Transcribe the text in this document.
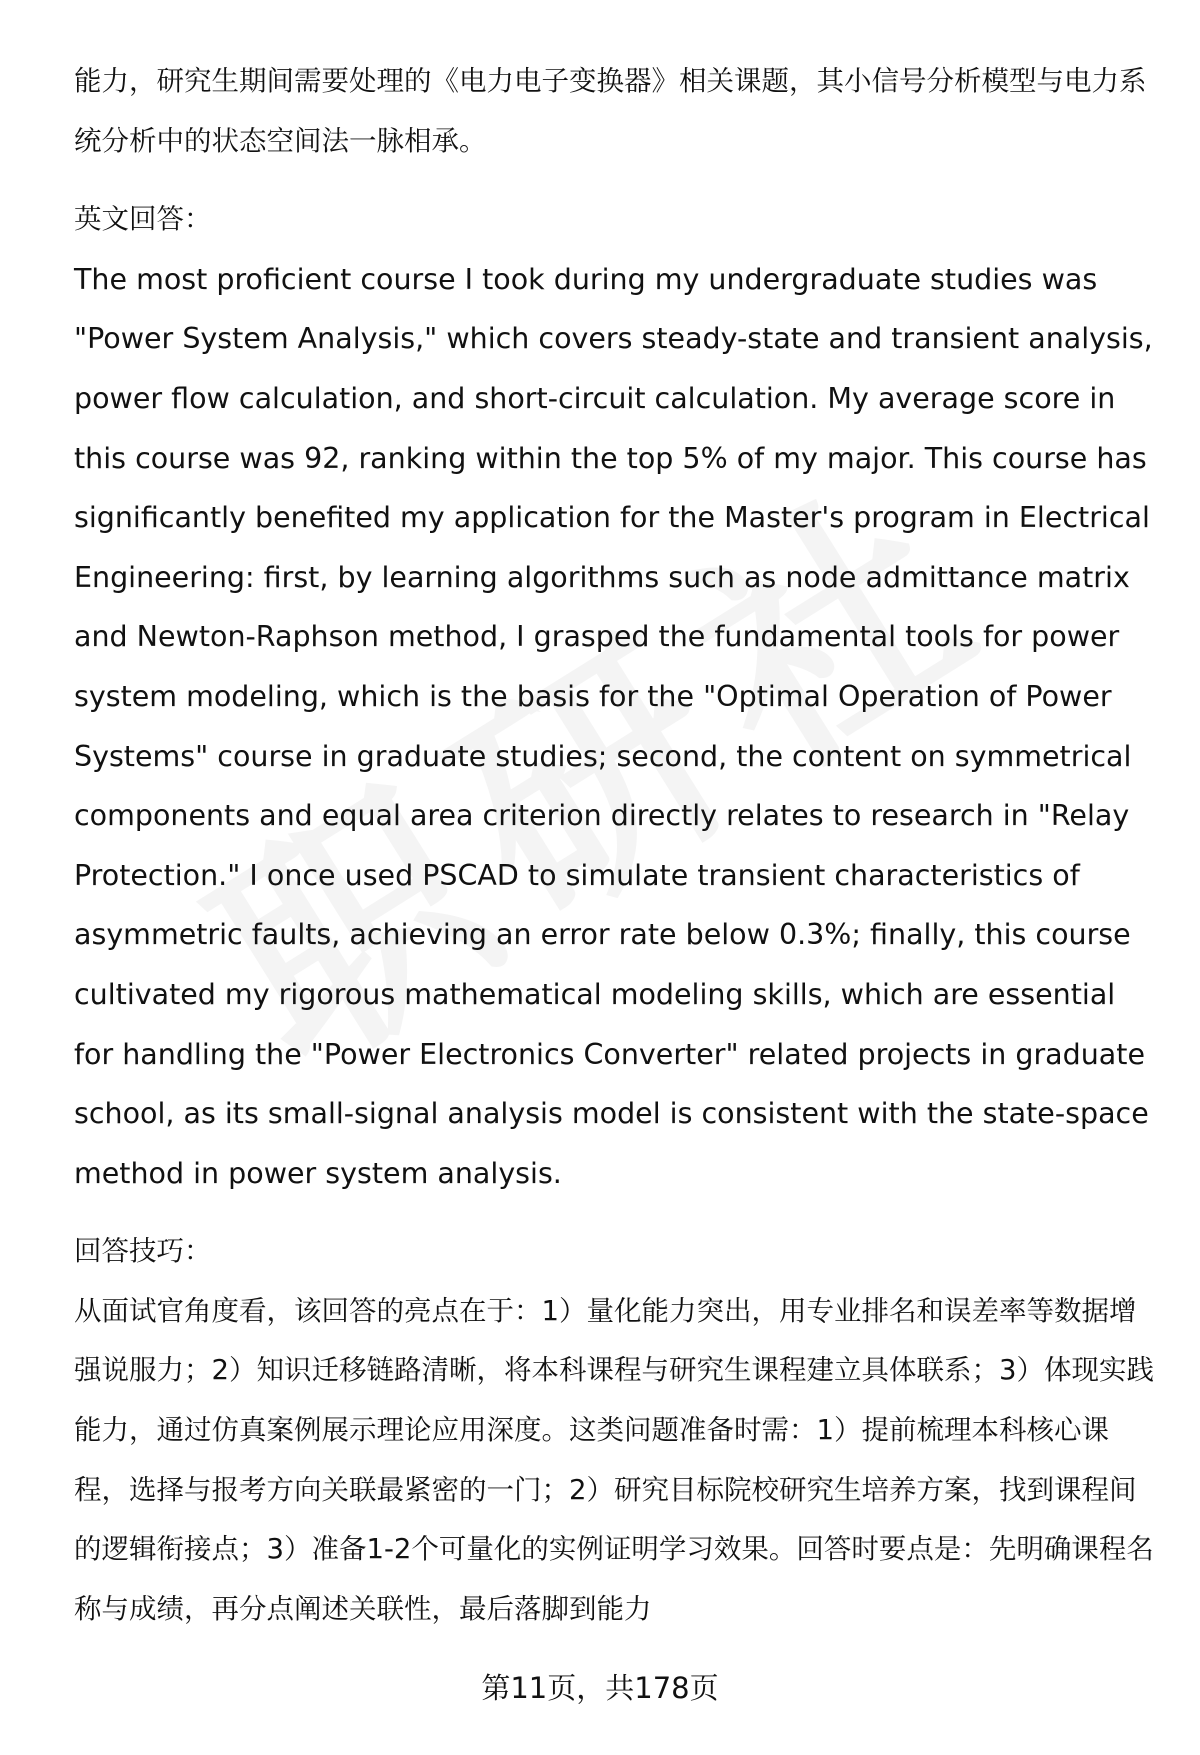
能力，研究生期间需要处理的《电力电子变换器》相关课题，其小信号分析模型与电力系统分析中的状态空间法一脉相承。

英文回答：

The most proficient course I took during my undergraduate studies was "Power System Analysis," which covers steady-state and transient analysis, power flow calculation, and short-circuit calculation. My average score in this course was 92, ranking within the top 5% of my major. This course has significantly benefited my application for the Master's program in Electrical Engineering: first, by learning algorithms such as node admittance matrix and Newton-Raphson method, I grasped the fundamental tools for power system modeling, which is the basis for the "Optimal Operation of Power Systems" course in graduate studies; second, the content on symmetrical components and equal area criterion directly relates to research in "Relay Protection." I once used PSCAD to simulate transient characteristics of asymmetric faults, achieving an error rate below 0.3%; finally, this course cultivated my rigorous mathematical modeling skills, which are essential for handling the "Power Electronics Converter" related projects in graduate school, as its small-signal analysis model is consistent with the state-space method in power system analysis.

回答技巧：

从面试官角度看，该回答的亮点在于：1）量化能力突出，用专业排名和误差率等数据增强说服力；2）知识迁移链路清晰，将本科课程与研究生课程建立具体联系；3）体现实践能力，通过仿真案例展示理论应用深度。这类问题准备时需：1）提前梳理本科核心课程，选择与报考方向关联最紧密的一门；2）研究目标院校研究生培养方案，找到课程间的逻辑衔接点；3）准备1-2个可量化的实例证明学习效果。回答时要点是：先明确课程名称与成绩，再分点阐述关联性，最后落脚到能力

第11页，共178页
